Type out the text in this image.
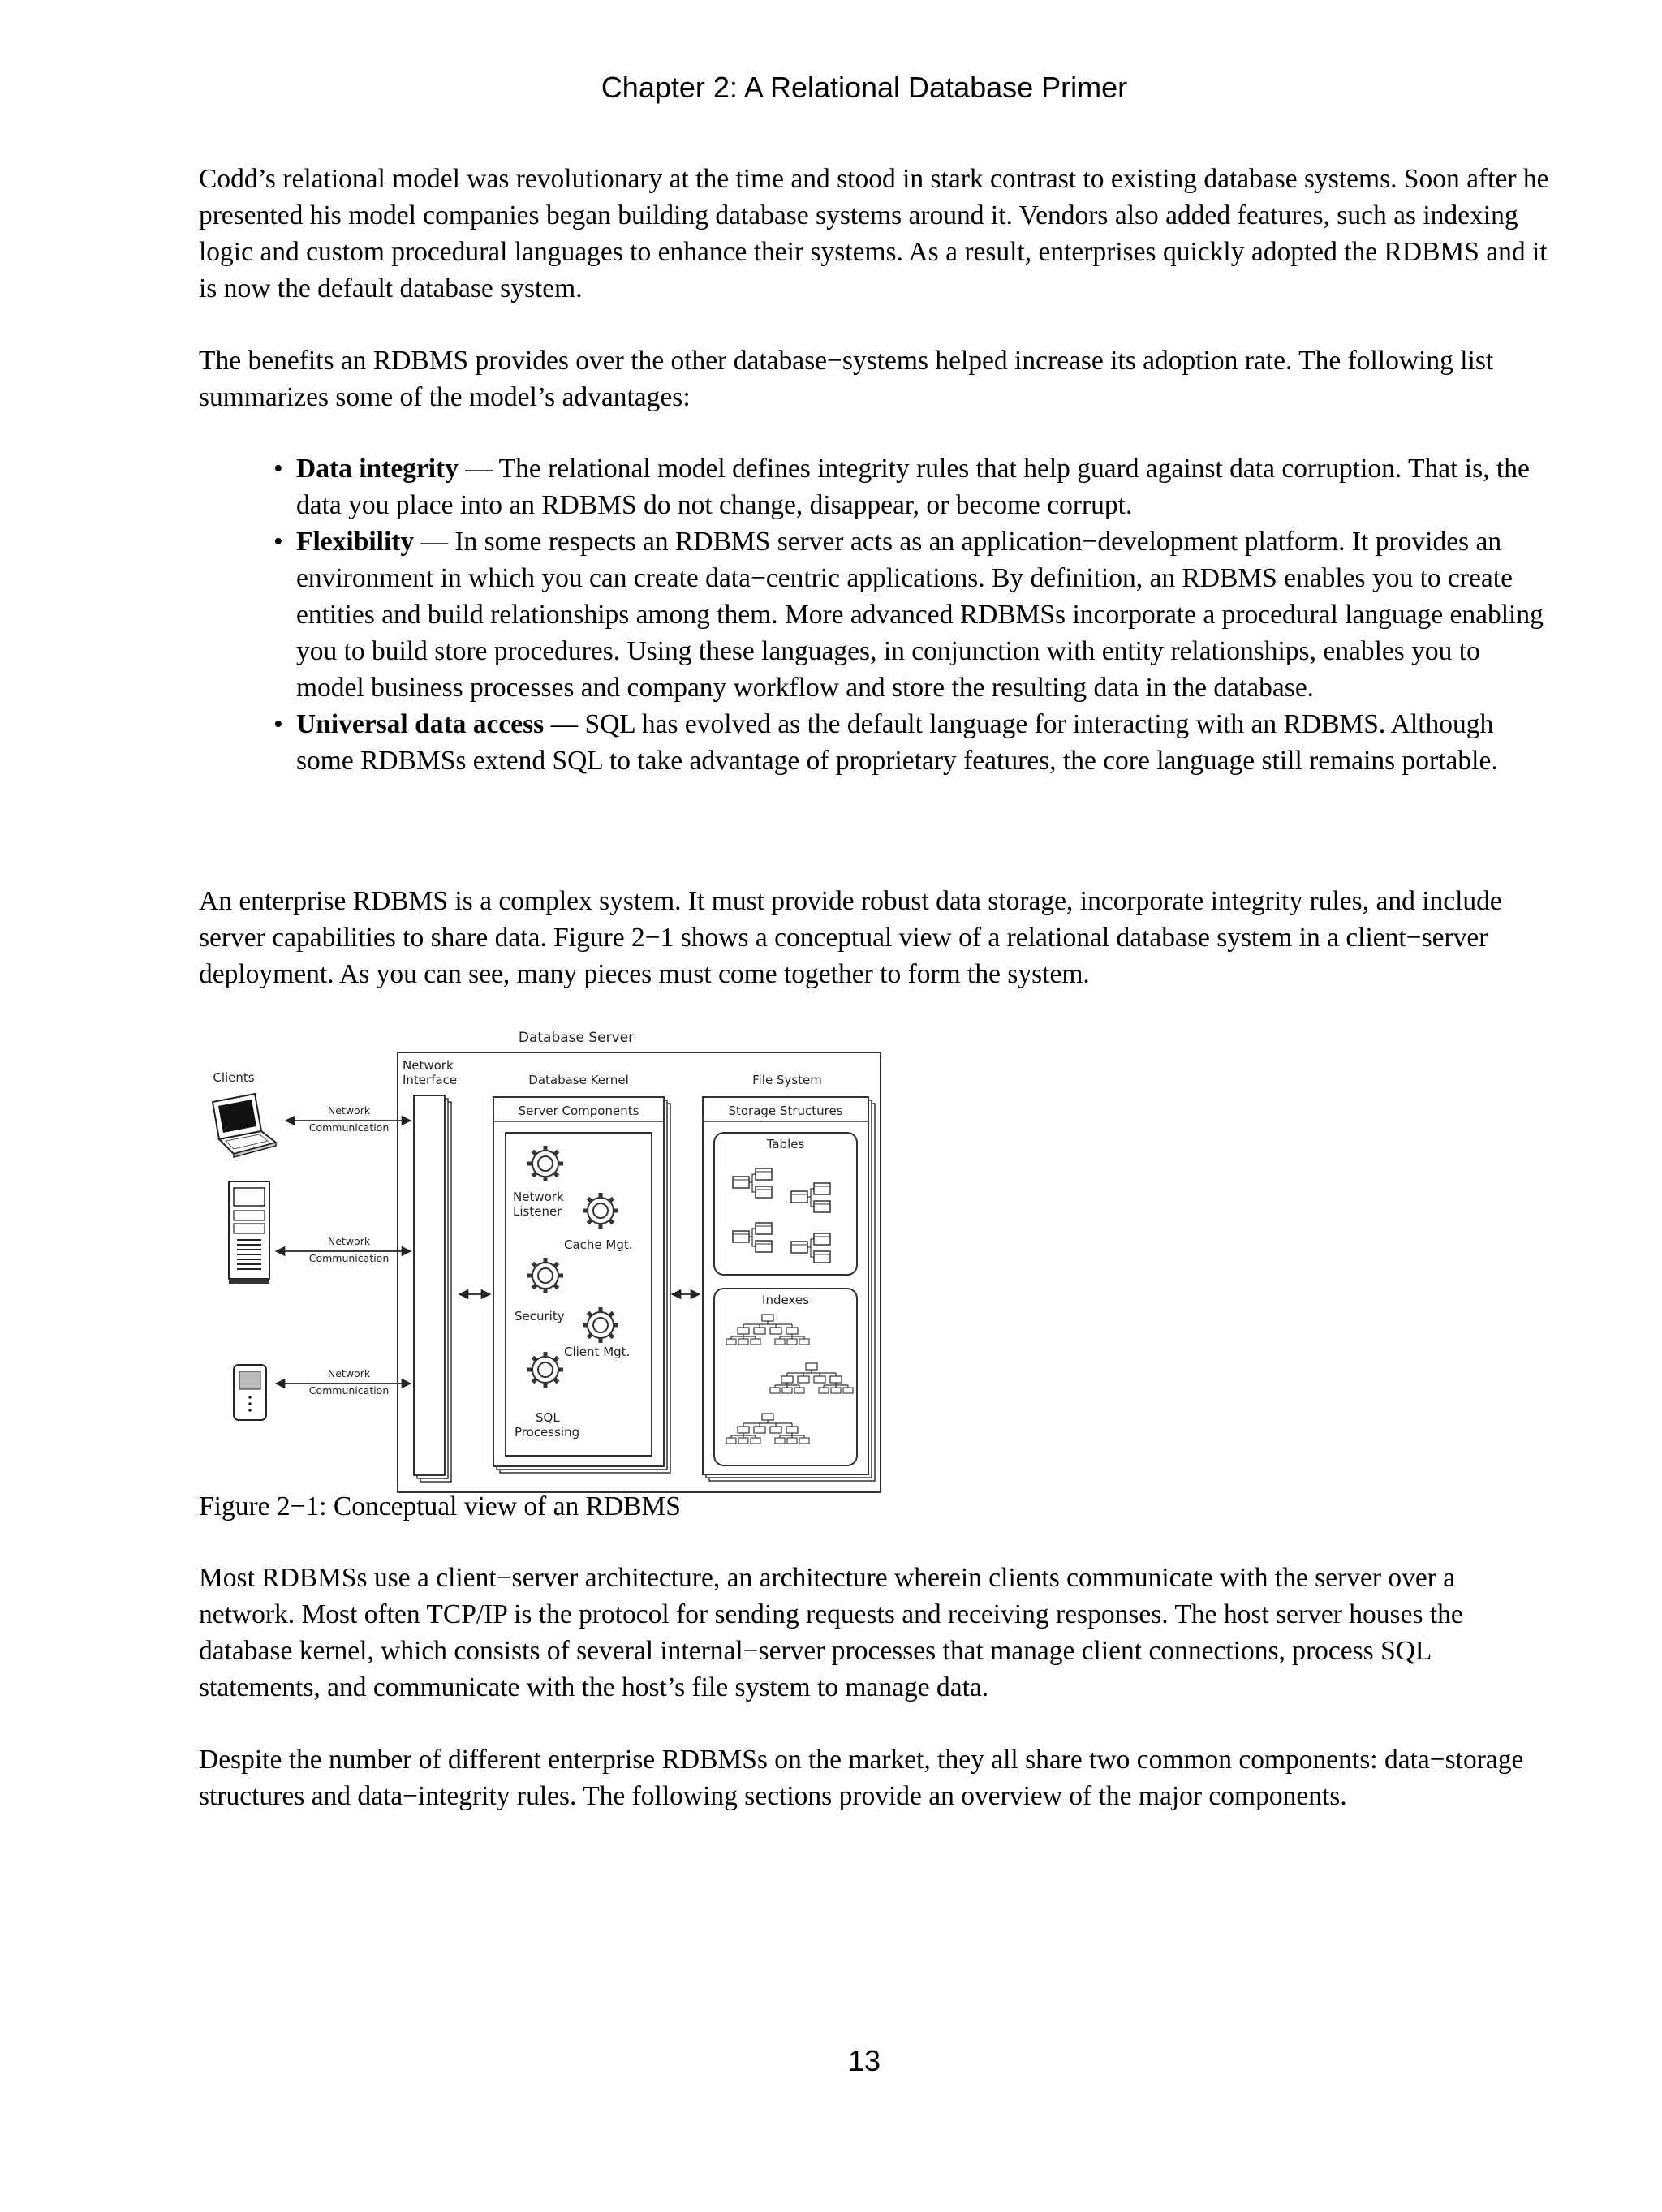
Chapter 2: A Relational Database Primer

Codd’s relational model was revolutionary at the time and stood in stark contrast to existing database systems. Soon after he presented his model companies began building database systems around it. Vendors also added features, such as indexing logic and custom procedural languages to enhance their systems. As a result, enterprises quickly adopted the RDBMS and it is now the default database system.

The benefits an RDBMS provides over the other database−systems helped increase its adoption rate. The following list summarizes some of the model’s advantages:

• Data integrity — The relational model defines integrity rules that help guard against data corruption. That is, the data you place into an RDBMS do not change, disappear, or become corrupt.
• Flexibility — In some respects an RDBMS server acts as an application−development platform. It provides an environment in which you can create data−centric applications. By definition, an RDBMS enables you to create entities and build relationships among them. More advanced RDBMSs incorporate a procedural language enabling you to build store procedures. Using these languages, in conjunction with entity relationships, enables you to model business processes and company workflow and store the resulting data in the database.
• Universal data access — SQL has evolved as the default language for interacting with an RDBMS. Although some RDBMSs extend SQL to take advantage of proprietary features, the core language still remains portable.

An enterprise RDBMS is a complex system. It must provide robust data storage, incorporate integrity rules, and include server capabilities to share data. Figure 2−1 shows a conceptual view of a relational database system in a client−server deployment. As you can see, many pieces must come together to form the system.

Database Server
Clients
Network
Interface	Database Kernel
Server Components
Network
Listener
Cache Mgt.
Security
Client Mgt.
SQL
Processing
File System
Storage Structures
Tables
Indexes
Network
Communication
Network
Communication
Network
Communication
Figure 2−1: Conceptual view of an RDBMS

Most RDBMSs use a client−server architecture, an architecture wherein clients communicate with the server over a network. Most often TCP/IP is the protocol for sending requests and receiving responses. The host server houses the database kernel, which consists of several internal−server processes that manage client connections, process SQL statements, and communicate with the host’s file system to manage data.

Despite the number of different enterprise RDBMSs on the market, they all share two common components: data−storage structures and data−integrity rules. The following sections provide an overview of the major components.

13
